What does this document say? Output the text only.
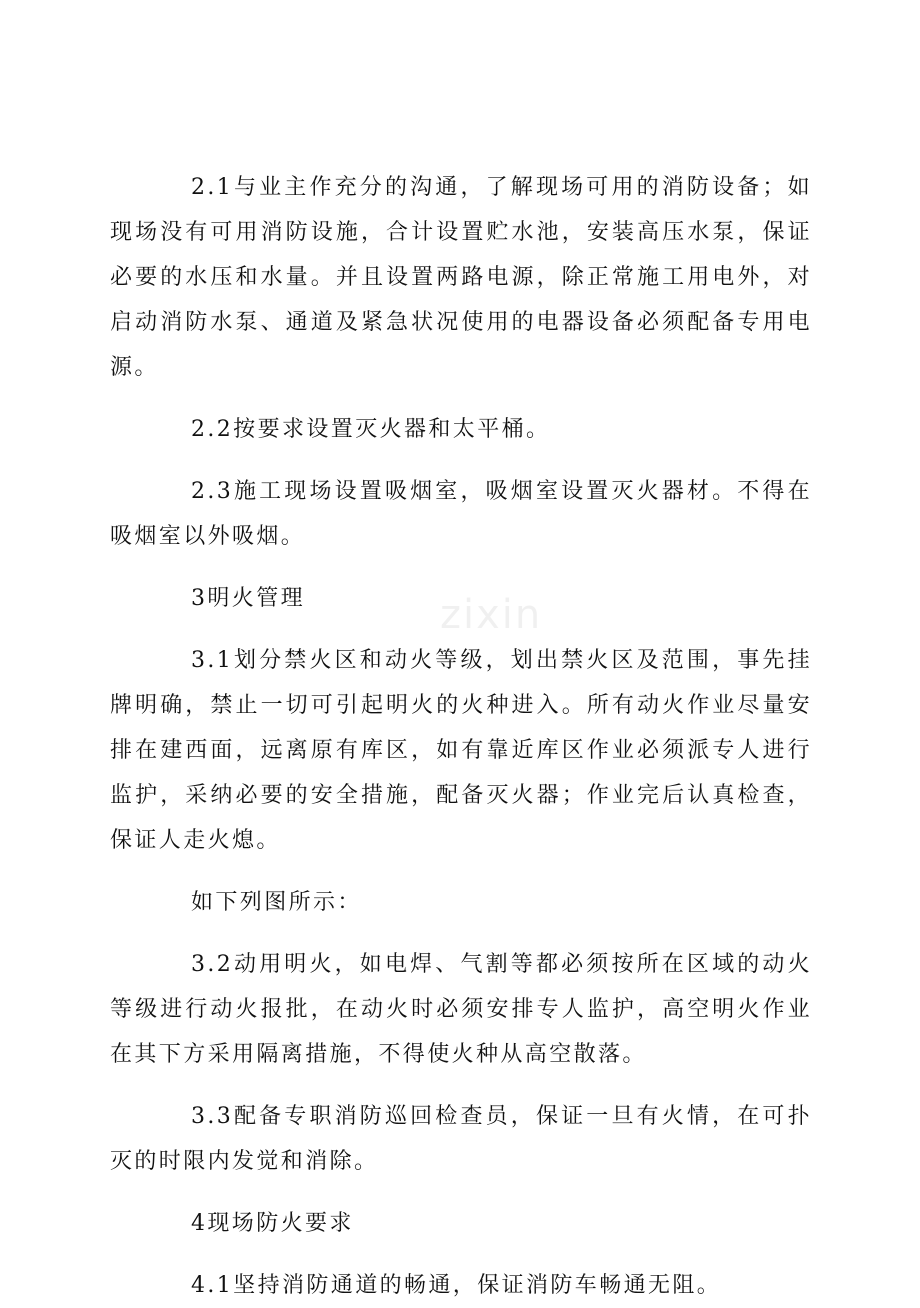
2.1与业主作充分的沟通，了解现场可用的消防设备；如现场没有可用消防设施，合计设置贮水池，安装高压水泵，保证必要的水压和水量。并且设置两路电源，除正常施工用电外，对启动消防水泵、通道及紧急状况使用的电器设备必须配备专用电源。

2.2按要求设置灭火器和太平桶。

2.3施工现场设置吸烟室，吸烟室设置灭火器材。不得在吸烟室以外吸烟。

3明火管理

3.1划分禁火区和动火等级，划出禁火区及范围，事先挂牌明确，禁止一切可引起明火的火种进入。所有动火作业尽量安排在建西面，远离原有库区，如有靠近库区作业必须派专人进行监护，采纳必要的安全措施，配备灭火器；作业完后认真检查，保证人走火熄。

如下列图所示：

3.2动用明火，如电焊、气割等都必须按所在区域的动火等级进行动火报批，在动火时必须安排专人监护，高空明火作业在其下方采用隔离措施，不得使火种从高空散落。

3.3配备专职消防巡回检查员，保证一旦有火情，在可扑灭的时限内发觉和消除。

4现场防火要求

4.1坚持消防通道的畅通，保证消防车畅通无阻。

zixin
